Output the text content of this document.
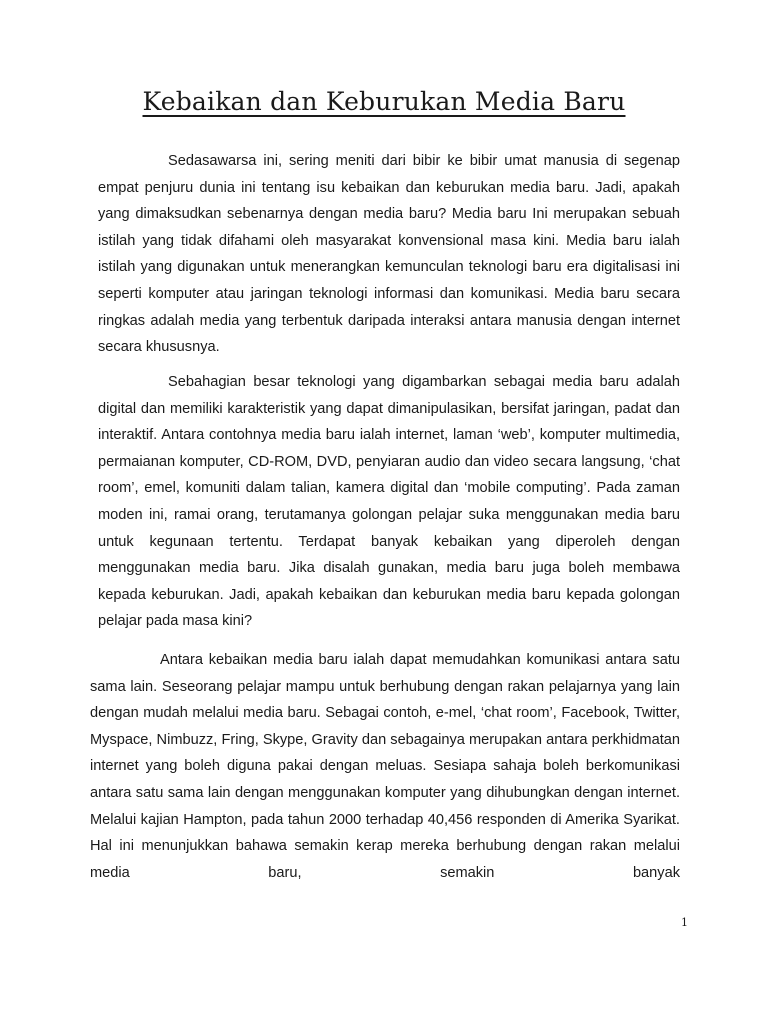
Kebaikan dan Keburukan Media Baru

Sedasawarsa ini, sering meniti dari bibir ke bibir umat manusia di segenap empat penjuru dunia ini tentang isu kebaikan dan keburukan media baru. Jadi, apakah yang dimaksudkan sebenarnya dengan media baru? Media baru Ini merupakan sebuah istilah yang tidak difahami oleh masyarakat konvensional masa kini. Media baru ialah istilah yang digunakan untuk menerangkan kemunculan teknologi baru era digitalisasi ini seperti komputer atau jaringan teknologi informasi dan komunikasi. Media baru secara ringkas adalah media yang terbentuk daripada interaksi antara manusia dengan internet secara khususnya.

Sebahagian besar teknologi yang digambarkan sebagai media baru adalah digital dan memiliki karakteristik yang dapat dimanipulasikan, bersifat jaringan, padat dan interaktif. Antara contohnya media baru ialah internet, laman ‘web’, komputer multimedia, permaianan komputer, CD-ROM, DVD, penyiaran audio dan video secara langsung, ‘chat room’, emel, komuniti dalam talian, kamera digital dan ‘mobile computing’. Pada zaman moden ini, ramai orang, terutamanya golongan pelajar suka menggunakan media baru untuk kegunaan tertentu. Terdapat banyak kebaikan yang diperoleh dengan menggunakan media baru. Jika disalah gunakan, media baru juga boleh membawa kepada keburukan. Jadi, apakah kebaikan dan keburukan media baru kepada golongan pelajar pada masa kini?

Antara kebaikan media baru ialah dapat memudahkan komunikasi antara satu sama lain. Seseorang pelajar mampu untuk berhubung dengan rakan pelajarnya yang lain dengan mudah melalui media baru. Sebagai contoh, e-mel, ‘chat room’, Facebook, Twitter, Myspace, Nimbuzz, Fring, Skype, Gravity dan sebagainya merupakan antara perkhidmatan internet yang boleh diguna pakai dengan meluas. Sesiapa sahaja boleh berkomunikasi antara satu sama lain dengan menggunakan komputer yang dihubungkan dengan internet. Melalui kajian Hampton, pada tahun 2000 terhadap 40,456 responden di Amerika Syarikat. Hal ini menunjukkan bahawa semakin kerap mereka berhubung dengan rakan melalui media baru, semakin banyak

1
